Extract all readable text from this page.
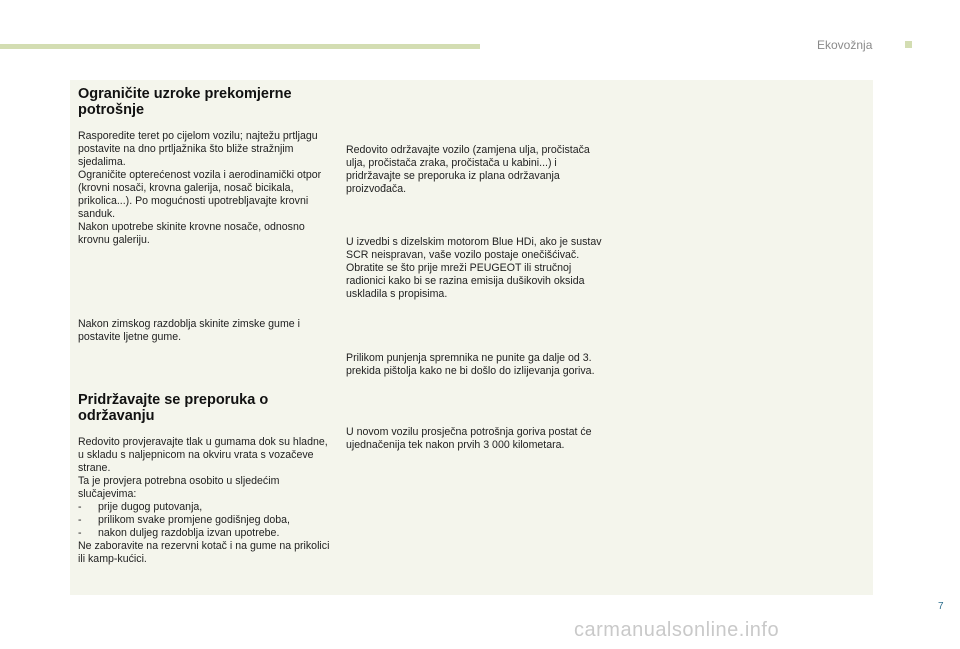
Ekovožnja
Ograničite uzroke prekomjerne potrošnje

Rasporedite teret po cijelom vozilu; najtežu prtljagu postavite na dno prtljažnika što bliže stražnjim sjedalima.

Ograničite opterećenost vozila i aerodinamički otpor (krovni nosači, krovna galerija, nosač bicikala, prikolica...). Po mogućnosti upotrebljavajte krovni sanduk.

Nakon upotrebe skinite krovne nosače, odnosno krovnu galeriju.

Nakon zimskog razdoblja skinite zimske gume i postavite ljetne gume.

Pridržavajte se preporuka o održavanju

Redovito provjeravajte tlak u gumama dok su hladne, u skladu s naljepnicom na okviru vrata s vozačeve strane.

Ta je provjera potrebna osobito u sljedećim slučajevima:

- prije dugog putovanja,
- prilikom svake promjene godišnjeg doba,
- nakon duljeg razdoblja izvan upotrebe.

Ne zaboravite na rezervni kotač i na gume na prikolici ili kamp-kućici.

Redovito održavajte vozilo (zamjena ulja, pročistača ulja, pročistača zraka, pročistača u kabini...) i pridržavajte se preporuka iz plana održavanja proizvođača.

U izvedbi s dizelskim motorom Blue HDi, ako je sustav SCR neispravan, vaše vozilo postaje onečišćivač. Obratite se što prije mreži PEUGEOT ili stručnoj radionici kako bi se razina emisija dušikovih oksida uskladila s propisima.

Prilikom punjenja spremnika ne punite ga dalje od 3. prekida pištolja kako ne bi došlo do izlijevanja goriva.

U novom vozilu prosječna potrošnja goriva postat će ujednačenija tek nakon prvih 3 000 kilometara.

7
carmanualsonline.info
